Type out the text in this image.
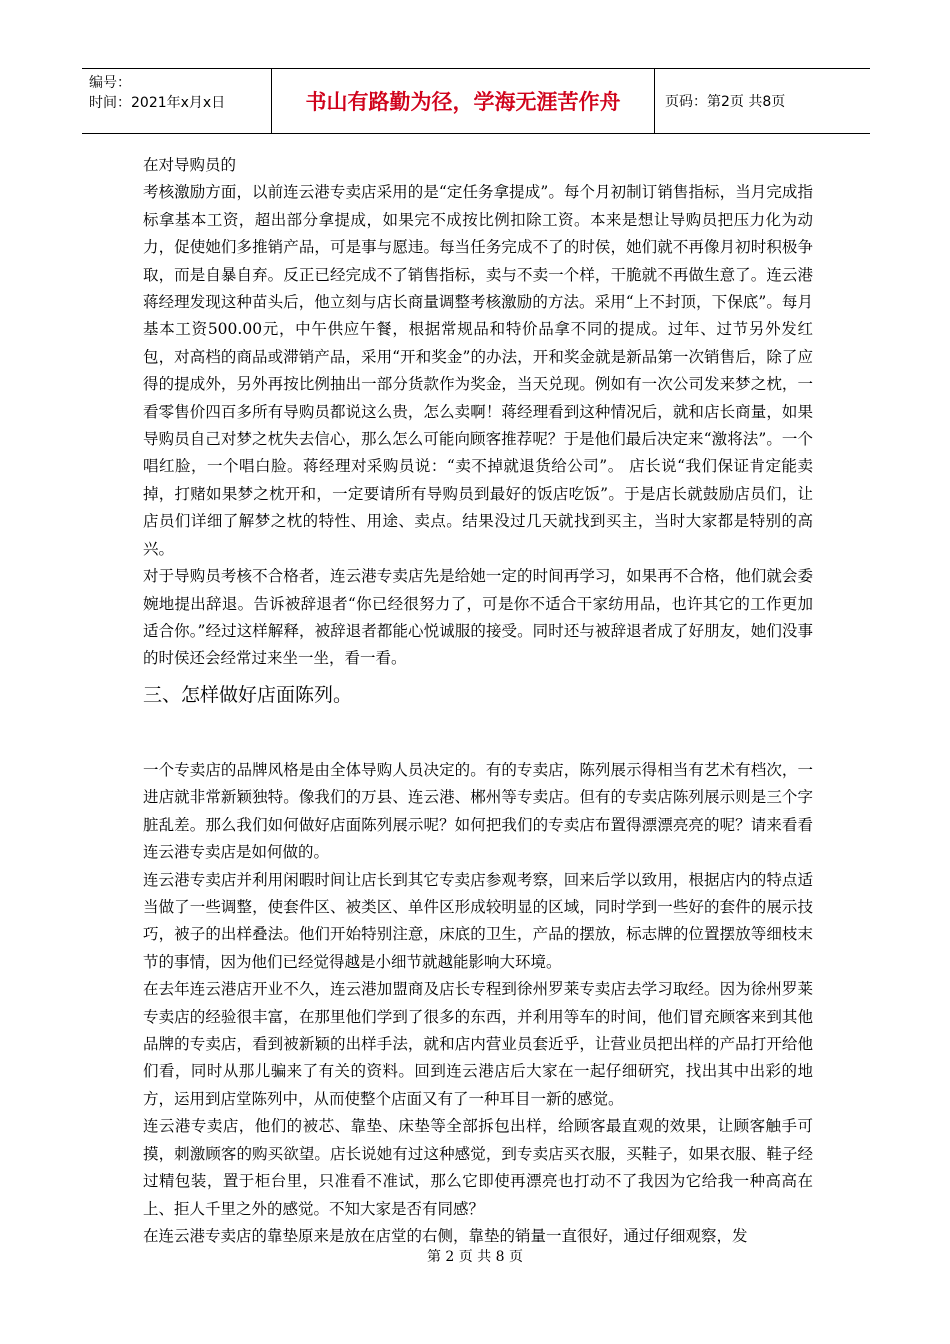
编号：
时间：2021年x月x日	书山有路勤为径，学海无涯苦作舟	页码：第2页 共8页

在对导购员的

考核激励方面，以前连云港专卖店采用的是“定任务拿提成”。每个月初制订销售指标，当月完成指标拿基本工资，超出部分拿提成，如果完不成按比例扣除工资。本来是想让导购员把压力化为动力，促使她们多推销产品，可是事与愿违。每当任务完成不了的时侯，她们就不再像月初时积极争取，而是自暴自弃。反正已经完成不了销售指标，卖与不卖一个样，干脆就不再做生意了。连云港蒋经理发现这种苗头后，他立刻与店长商量调整考核激励的方法。采用“上不封顶，下保底”。每月基本工资500.00元，中午供应午餐，根据常规品和特价品拿不同的提成。过年、过节另外发红包，对高档的商品或滞销产品，采用“开和奖金”的办法，开和奖金就是新品第一次销售后，除了应得的提成外，另外再按比例抽出一部分货款作为奖金，当天兑现。例如有一次公司发来梦之枕，一看零售价四百多所有导购员都说这么贵，怎么卖啊！蒋经理看到这种情况后，就和店长商量，如果导购员自己对梦之枕失去信心，那么怎么可能向顾客推荐呢？于是他们最后决定来“激将法”。一个唱红脸，一个唱白脸。蒋经理对采购员说：“卖不掉就退货给公司”。 店长说“我们保证肯定能卖掉，打赌如果梦之枕开和，一定要请所有导购员到最好的饭店吃饭”。于是店长就鼓励店员们，让店员们详细了解梦之枕的特性、用途、卖点。结果没过几天就找到买主，当时大家都是特别的高兴。

对于导购员考核不合格者，连云港专卖店先是给她一定的时间再学习，如果再不合格，他们就会委婉地提出辞退。告诉被辞退者“你已经很努力了，可是你不适合干家纺用品，也许其它的工作更加适合你。”经过这样解释，被辞退者都能心悦诚服的接受。同时还与被辞退者成了好朋友，她们没事的时侯还会经常过来坐一坐，看一看。

三、怎样做好店面陈列。

一个专卖店的品牌风格是由全体导购人员决定的。有的专卖店，陈列展示得相当有艺术有档次，一进店就非常新颖独特。像我们的万县、连云港、郴州等专卖店。但有的专卖店陈列展示则是三个字脏乱差。那么我们如何做好店面陈列展示呢？如何把我们的专卖店布置得漂漂亮亮的呢？请来看看连云港专卖店是如何做的。

连云港专卖店并利用闲暇时间让店长到其它专卖店参观考察，回来后学以致用，根据店内的特点适当做了一些调整，使套件区、被类区、单件区形成较明显的区域，同时学到一些好的套件的展示技巧，被子的出样叠法。他们开始特别注意，床底的卫生，产品的摆放，标志牌的位置摆放等细枝末节的事情，因为他们已经觉得越是小细节就越能影响大环境。

在去年连云港店开业不久，连云港加盟商及店长专程到徐州罗莱专卖店去学习取经。因为徐州罗莱专卖店的经验很丰富，在那里他们学到了很多的东西，并利用等车的时间，他们冒充顾客来到其他品牌的专卖店，看到被新颖的出样手法，就和店内营业员套近乎，让营业员把出样的产品打开给他们看，同时从那儿骗来了有关的资料。回到连云港店后大家在一起仔细研究，找出其中出彩的地方，运用到店堂陈列中，从而使整个店面又有了一种耳目一新的感觉。

连云港专卖店，他们的被芯、靠垫、床垫等全部拆包出样，给顾客最直观的效果，让顾客触手可摸，刺激顾客的购买欲望。店长说她有过这种感觉，到专卖店买衣服，买鞋子，如果衣服、鞋子经过精包装，置于柜台里，只准看不准试，那么它即使再漂亮也打动不了我因为它给我一种高高在上、拒人千里之外的感觉。不知大家是否有同感？

在连云港专卖店的靠垫原来是放在店堂的右侧，靠垫的销量一直很好，通过仔细观察，发

第 2 页 共 8 页
